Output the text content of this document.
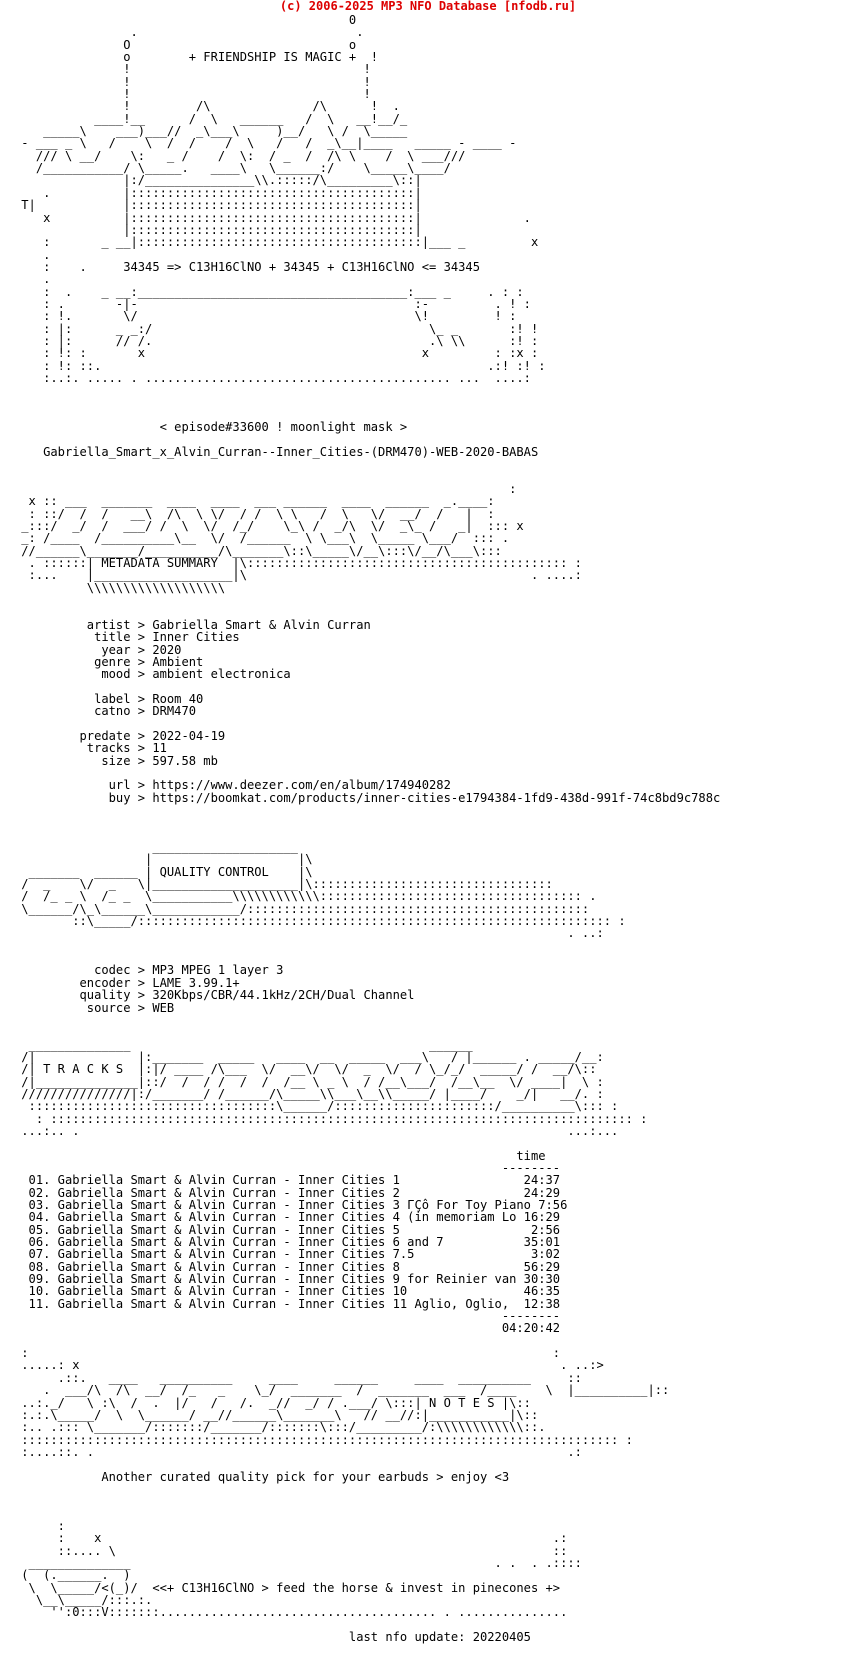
(c) 2006-2025 MP3 NFO Database [nfodb.ru]
0
.                              .
O                              o
o        + FRIENDSHIP IS MAGIC +  !
!                                !
!                                !
!                                !
!         /\              /\      !  .
____!__      /  \   ______   /  \   __!__/_
_____\    ___)___//  _\___\     )__/   \ /  \_____
- ___ _ \   /    \  /  /    /  \   /   /  _\__|____   _____ - ____ -
/// \ __/    \:   _ /    /  \:  / _  /  /\ \    /  \ ___///
/___________/ \_____.   ____\   \______:/    \_____\____/
|:/_______________\\.:::::/\_________\::|
.          |:::::::::::::::::::::::::::::::::::::::|
T|            |:::::::::::::::::::::::::::::::::::::::|
x          |:::::::::::::::::::::::::::::::::::::::|              .
|:::::::::::::::::::::::::::::::::::::::|
:       _ __|:::::::::::::::::::::::::::::::::::::::|___ _         x
.
:    .     34345 => C13H16ClNO + 34345 + C13H16ClNO <= 34345
.
:  .    _ __:_____________________________________:___ _     . : :
: .       -|-                                      :-         . ! :
: !.       \/                                      \!         ! :
: |:      _ _:/                                      \_ _       :! !
: |:      // /.                                      .\ \\      :! :
: !: :       x                                      x         : :x :
: !: ::.                                                     .:! :! :
:..:. ..... . .......................................... ...  ....:

< episode#33600 ! moonlight mask >

Gabriella_Smart_x_Alvin_Curran--Inner_Cities-(DRM470)-WEB-2020-BABAS

:
x :: ___  _______  ____  ____  ___ ______  ____  ______  _.____:
: ::/  /  /   __\  /\  \ \/  / /  \ \   /  \   \/  __/  /   |  :
_:::/  _/  /  ___/ /  \  \/  /_/    \_\ /  _/\  \/  _\_ /   _|  ::: x
_: /____  /__________\__  \/  /______  \ \___\  \_____ \___/  ::: .
//______\_______/__________/\_______\::\_____\/__\:::\/__/\___\:::
. ::::::| METADATA SUMMARY  |\:::::::::::::::::::::::::::::::::::::::::::: :
:...    |___________________|\                                       . ....:
\\\\\\\\\\\\\\\\\\\

artist > Gabriella Smart & Alvin Curran
title > Inner Cities
year > 2020
genre > Ambient
mood > ambient electronica

label > Room 40
catno > DRM470

predate > 2022-04-19
tracks > 11
size > 597.58 mb

url > https://www.deezer.com/en/album/174940282
buy > https://boomkat.com/products/inner-cities-e1794384-1fd9-438d-991f-74c8bd9c788c

____________________
|                    |\
_______  ______ | QUALITY CONTROL    |\
/  _    \/  _   \|____________________|\:::::::::::::::::::::::::::::::::
/  /_ _ \  /_ _  \___________\\\\\\\\\\\\:::::::::::::::::::::::::::::::::::: .
\______/\_\______\____________/:::::::::::::::::::::::::::::::::::::::::::::::
::\_____/::::::::::::::::::::::::::::::::::::::::::::::::::::::::::::::::: :
. ..:

codec > MP3 MPEG 1 layer 3
encoder > LAME 3.99.1+
quality > 320Kbps/CBR/44.1kHz/2CH/Dual Channel
source > WEB

______________                                         ______
/|              |:_______  _____   ____  __  _____  ___\   / |______ . _____/__:
/| T R A C K S  |:|/ ____ /\___  \/  __\/  \/  _  \/  / \_/_/  _____/ /  __/\::
/|______________|::/  /  / /  /  /  /__ \ _ \  / /__\___/  /__\__  \/ ____|  \ :
///////////////|:/_______/ /______/\_____\\___\__\\_____/ |____/    _/|   __/. :
::::::::::::::::::::::::::::::::::\______/::::::::::::::::::::::/__________\::: :
: :::::::::::::::::::::::::::::::::::::::::::::::::::::::::::::::::::::::::::::::: :
...:.. .                                                                   ...:...

time
--------
01. Gabriella Smart & Alvin Curran - Inner Cities 1                 24:37
02. Gabriella Smart & Alvin Curran - Inner Cities 2                 24:29
03. Gabriella Smart & Alvin Curran - Inner Cities 3 ΓÇô For Toy Piano 7:56
04. Gabriella Smart & Alvin Curran - Inner Cities 4 (in memoriam Lo 16:29
05. Gabriella Smart & Alvin Curran - Inner Cities 5                  2:56
06. Gabriella Smart & Alvin Curran - Inner Cities 6 and 7           35:01
07. Gabriella Smart & Alvin Curran - Inner Cities 7.5                3:02
08. Gabriella Smart & Alvin Curran - Inner Cities 8                 56:29
09. Gabriella Smart & Alvin Curran - Inner Cities 9 for Reinier van 30:30
10. Gabriella Smart & Alvin Curran - Inner Cities 10                46:35
11. Gabriella Smart & Alvin Curran - Inner Cities 11 Aglio, Oglio,  12:38
--------
04:20:42

:                                                                        :
.....: x                                                                  . ..:>
.::.   ____   __________     ____     ______     ____  __________     ::
.  ___/\  /\  __/  /_   _    \_/  _______  /  _______  ___  /____    \  |__________|::
..:._/   \ :\  /  .  |/   /   /.  _//  _/ / .___/ \:::| N O T E S |\::
:.:.\_____/  \  \______/ __//______\_______\   // __//:|___________|\::
:.. .::: \_______/:::::::/_______/:::::::\:::/_________/:\\\\\\\\\\\\::.
:::::::::::::::::::::::::::::::::::::::::::::::::::::::::::::::::::::::::::::::::: :
:....::. .                                                                 .:

Another curated quality pick for your earbuds > enjoy <3

:
:    x                                                              .:
::.... \                                                            ::
______________                                                  . .  . .::::
(  (.______.  )
\  \_____/<(_)/  <<+ C13H16ClNO > feed the horse & invest in pinecones +>
\__\_____/:::.:.
'':0:::V:::::::...................................... . ...............

last nfo update: 20220405
